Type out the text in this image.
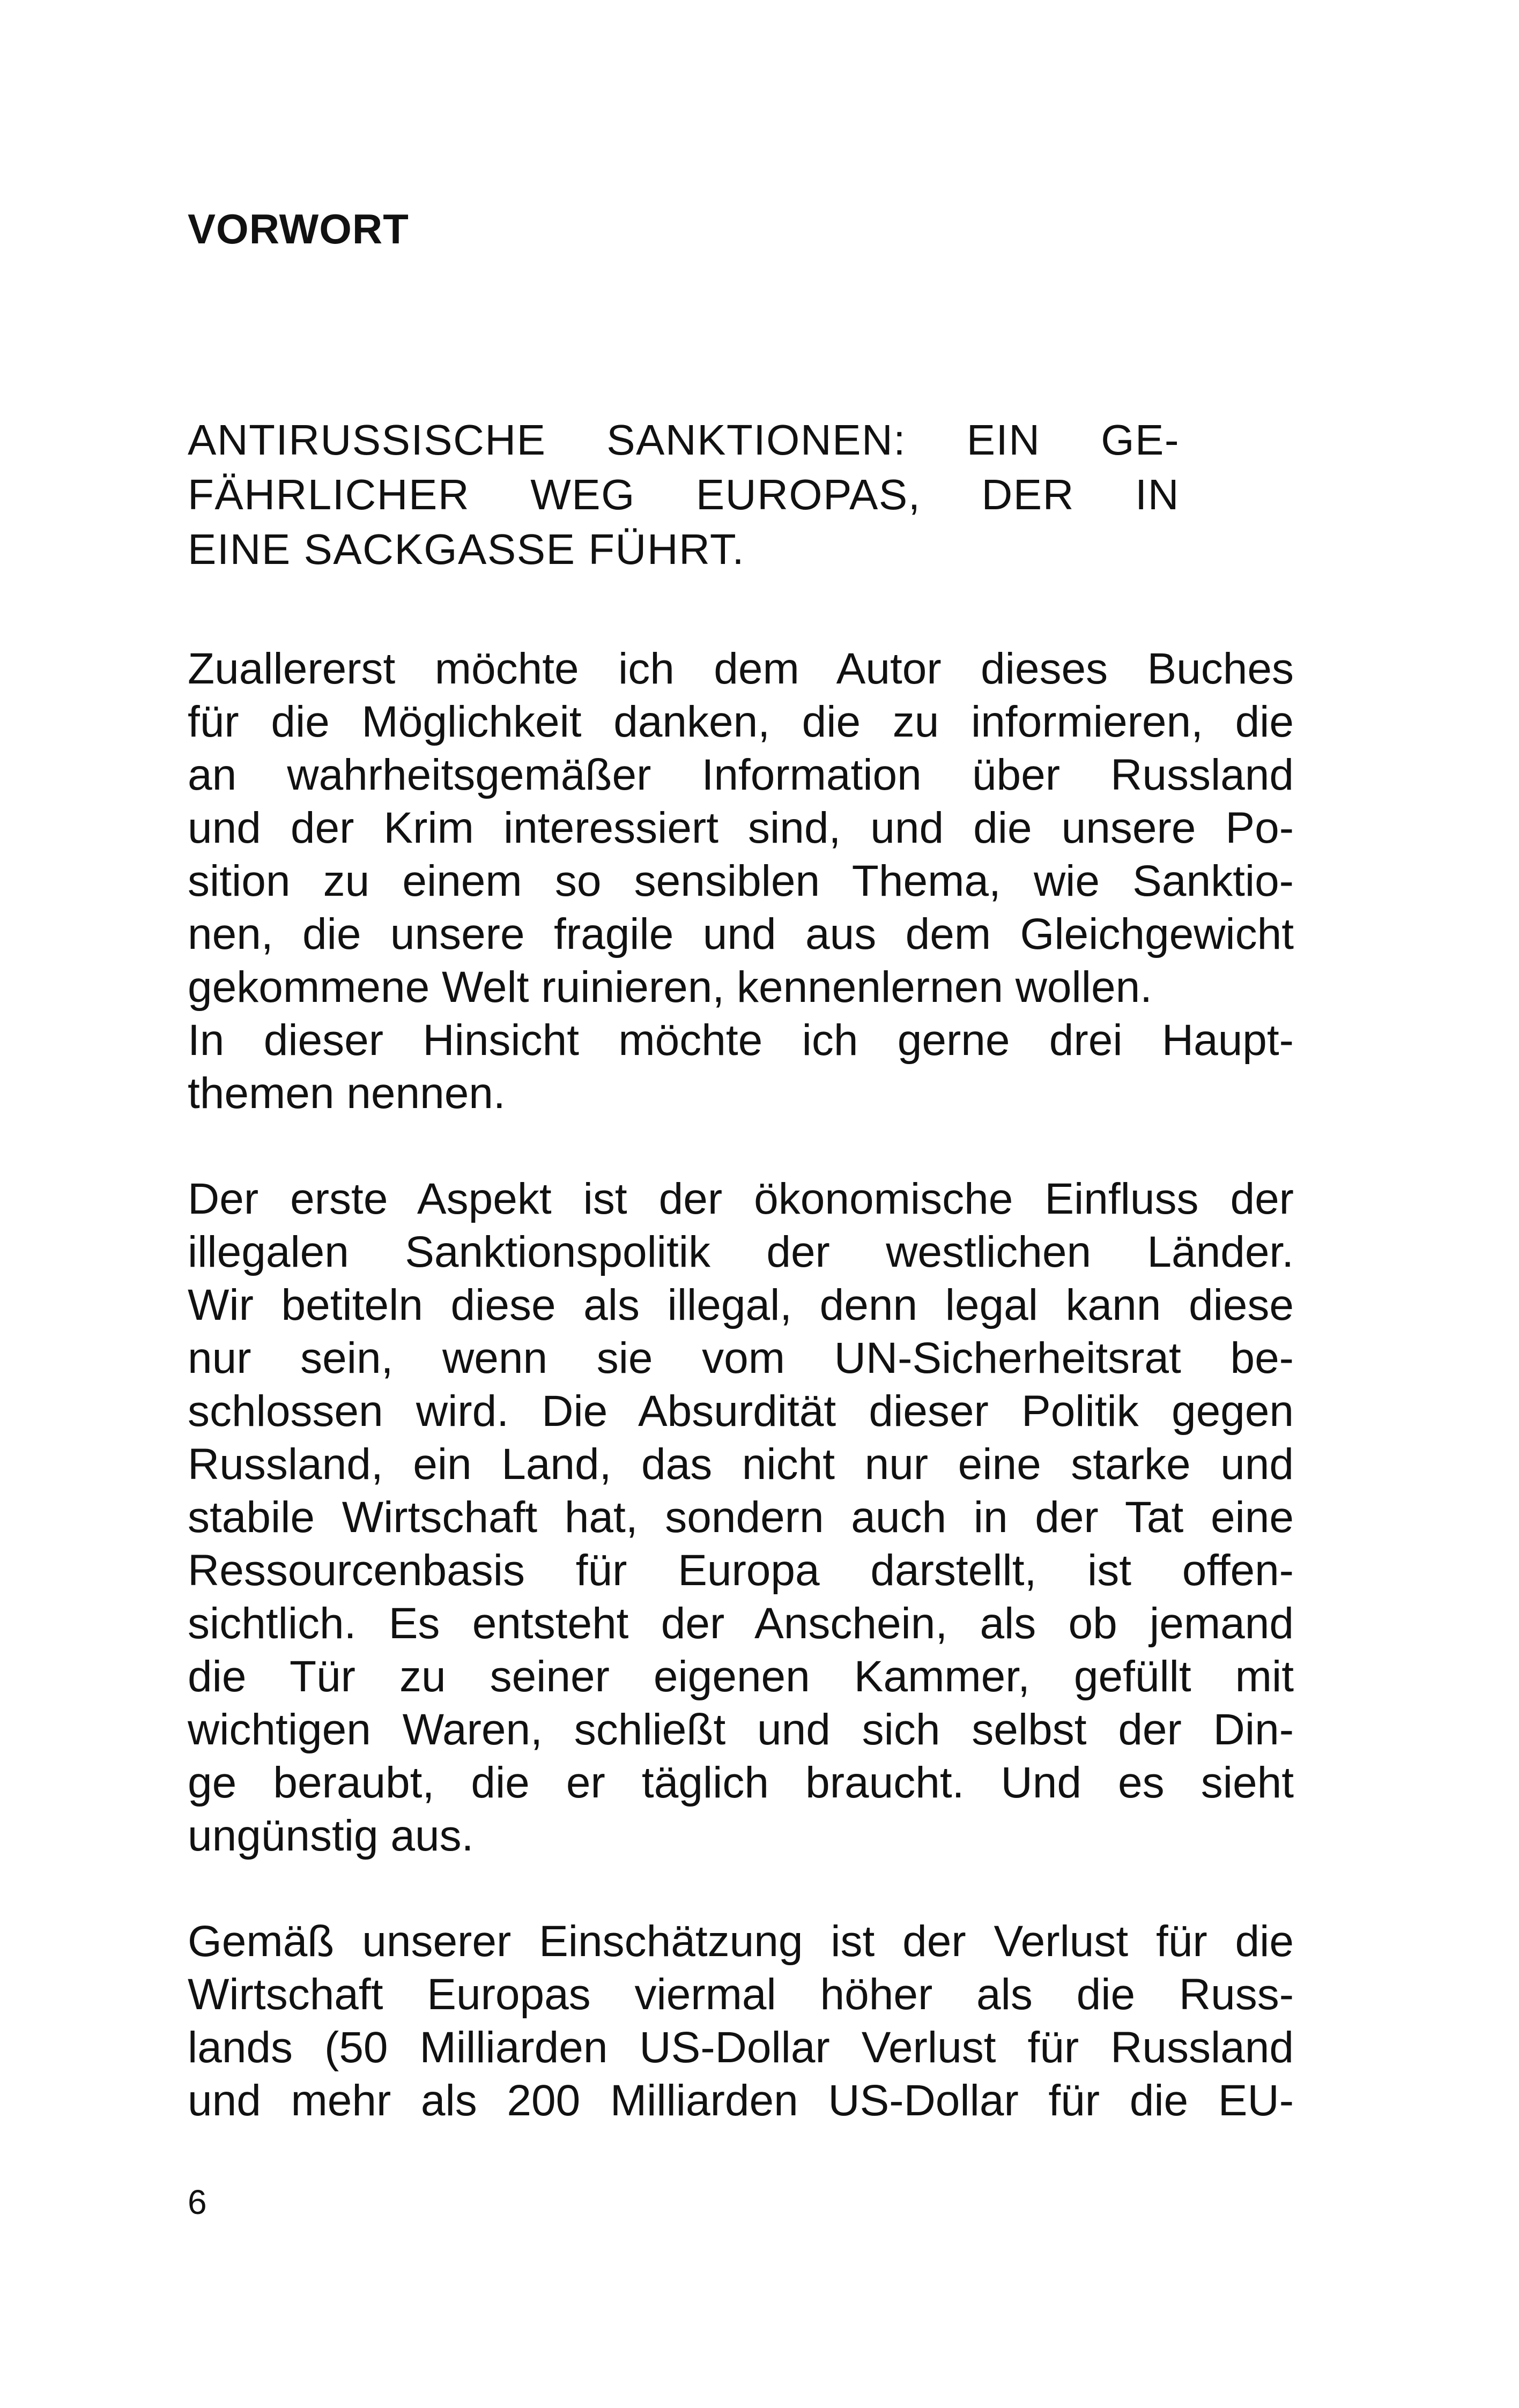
VORWORT
ANTIRUSSISCHE SANKTIONEN: EIN GE-
FÄHRLICHER WEG EUROPAS, DER IN
EINE SACKGASSE FÜHRT.
Zuallererst möchte ich dem Autor dieses Buches
für die Möglichkeit danken, die zu informieren, die
an wahrheitsgemäßer Information über Russland
und der Krim interessiert sind, und die unsere Po-
sition zu einem so sensiblen Thema, wie Sanktio-
nen, die unsere fragile und aus dem Gleichgewicht
gekommene Welt ruinieren, kennenlernen wollen.
In dieser Hinsicht möchte ich gerne drei Haupt-
themen nennen.
Der erste Aspekt ist der ökonomische Einfluss der
illegalen Sanktionspolitik der westlichen Länder.
Wir betiteln diese als illegal, denn legal kann diese
nur sein, wenn sie vom UN-Sicherheitsrat be-
schlossen wird. Die Absurdität dieser Politik gegen
Russland, ein Land, das nicht nur eine starke und
stabile Wirtschaft hat, sondern auch in der Tat eine
Ressourcenbasis für Europa darstellt, ist offen-
sichtlich. Es entsteht der Anschein, als ob jemand
die Tür zu seiner eigenen Kammer, gefüllt mit
wichtigen Waren, schließt und sich selbst der Din-
ge beraubt, die er täglich braucht. Und es sieht
ungünstig aus.
Gemäß unserer Einschätzung ist der Verlust für die
Wirtschaft Europas viermal höher als die Russ-
lands (50 Milliarden US-Dollar Verlust für Russland
und mehr als 200 Milliarden US-Dollar für die EU-
6
